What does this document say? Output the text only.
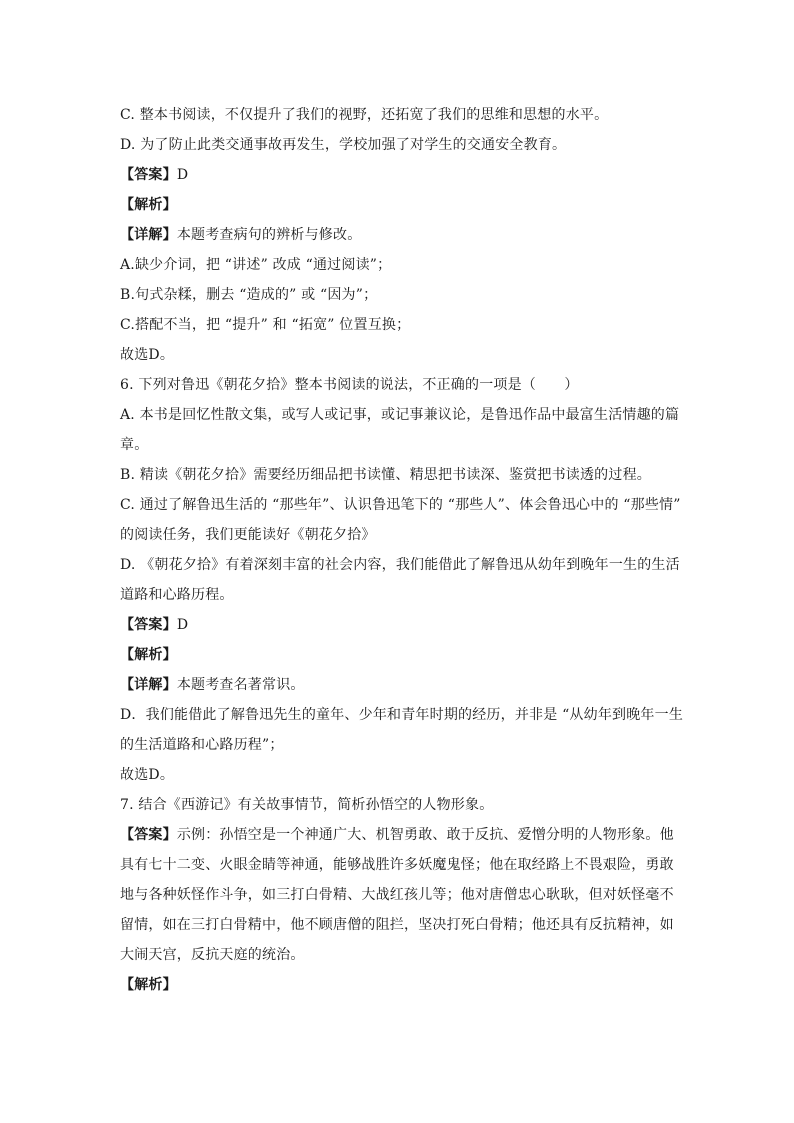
C. 整本书阅读，不仅提升了我们的视野，还拓宽了我们的思维和思想的水平。
D. 为了防止此类交通事故再发生，学校加强了对学生的交通安全教育。
【答案】D
【解析】
【详解】本题考查病句的辨析与修改。
A.缺少介词，把 “讲述” 改成 “通过阅读”；
B.句式杂糅，删去 “造成的” 或 “因为”；
C.搭配不当，把 “提升” 和 “拓宽” 位置互换；
故选D。
6. 下列对鲁迅《朝花夕拾》整本书阅读的说法，不正确的一项是（　　）
A. 本书是回忆性散文集，或写人或记事，或记事兼议论，是鲁迅作品中最富生活情趣的篇
章。
B. 精读《朝花夕拾》需要经历细品把书读懂、精思把书读深、鉴赏把书读透的过程。
C. 通过了解鲁迅生活的 “那些年”、认识鲁迅笔下的 “那些人”、体会鲁迅心中的 “那些情”
的阅读任务，我们更能读好《朝花夕拾》
D. 《朝花夕拾》有着深刻丰富的社会内容，我们能借此了解鲁迅从幼年到晚年一生的生活
道路和心路历程。
【答案】D
【解析】
【详解】本题考查名著常识。
D．我们能借此了解鲁迅先生的童年、少年和青年时期的经历，并非是 “从幼年到晚年一生
的生活道路和心路历程”；
故选D。
7. 结合《西游记》有关故事情节，简析孙悟空的人物形象。
【答案】示例：孙悟空是一个神通广大、机智勇敢、敢于反抗、爱憎分明的人物形象。他
具有七十二变、火眼金睛等神通，能够战胜许多妖魔鬼怪；他在取经路上不畏艰险，勇敢
地与各种妖怪作斗争，如三打白骨精、大战红孩儿等；他对唐僧忠心耿耿，但对妖怪毫不
留情，如在三打白骨精中，他不顾唐僧的阻拦，坚决打死白骨精；他还具有反抗精神，如
大闹天宫，反抗天庭的统治。
【解析】
